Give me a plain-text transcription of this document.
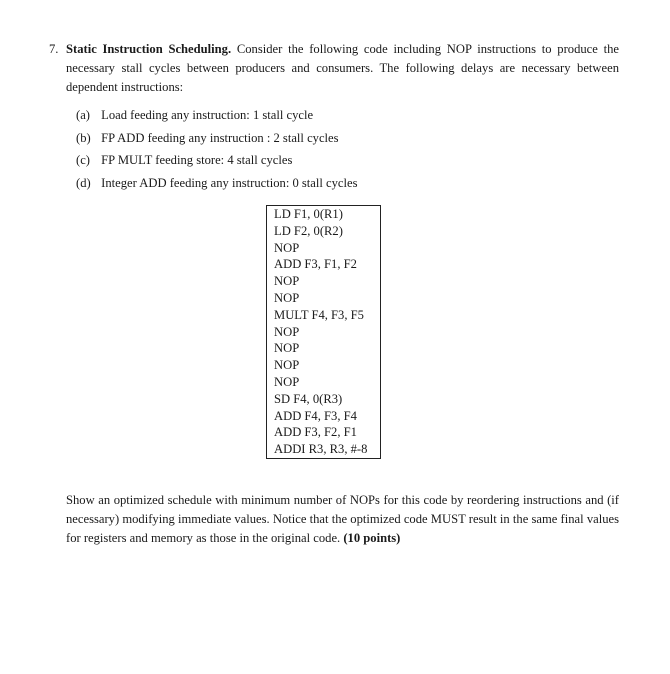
7. Static Instruction Scheduling. Consider the following code including NOP instructions to produce the necessary stall cycles between producers and consumers. The following delays are necessary between dependent instructions:

(a) Load feeding any instruction: 1 stall cycle
(b) FP ADD feeding any instruction : 2 stall cycles
(c) FP MULT feeding store: 4 stall cycles
(d) Integer ADD feeding any instruction: 0 stall cycles
LD F1, 0(R1)
LD F2, 0(R2)
NOP
ADD F3, F1, F2
NOP
NOP
MULT F4, F3, F5
NOP
NOP
NOP
NOP
SD F4, 0(R3)
ADD F4, F3, F4
ADD F3, F2, F1
ADDI R3, R3, #-8

Show an optimized schedule with minimum number of NOPs for this code by reordering instructions and (if necessary) modifying immediate values. Notice that the optimized code MUST result in the same final values for registers and memory as those in the original code. (10 points)
